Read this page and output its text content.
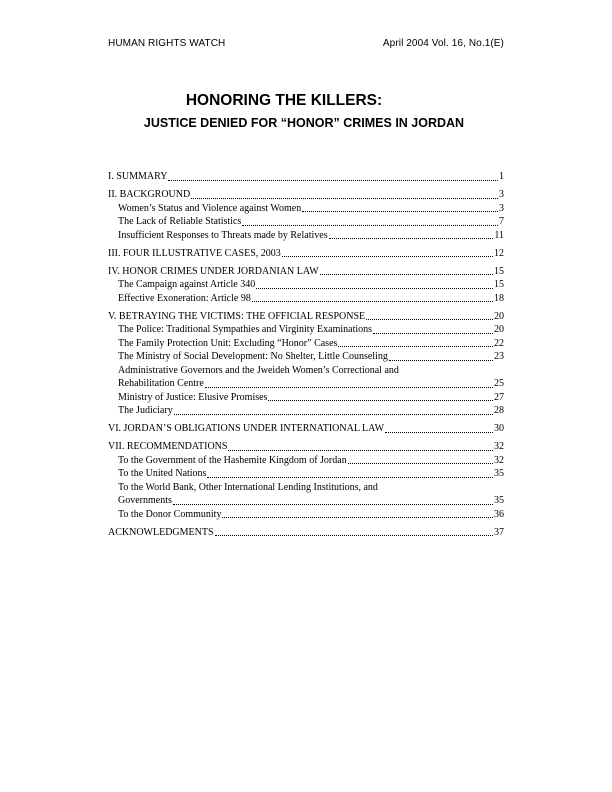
HUMAN RIGHTS WATCH	April 2004 Vol. 16, No.1(E)
HONORING THE KILLERS:
JUSTICE DENIED FOR “HONOR” CRIMES IN JORDAN
I. SUMMARY	1
II. BACKGROUND	3
Women’s Status and Violence against Women	3
The Lack of Reliable Statistics	7
Insufficient Responses to Threats made by Relatives	11
III. FOUR ILLUSTRATIVE CASES, 2003	12
IV. HONOR CRIMES UNDER JORDANIAN LAW	15
The Campaign against Article 340	15
Effective Exoneration: Article 98	18
V. BETRAYING THE VICTIMS: THE OFFICIAL RESPONSE	20
The Police: Traditional Sympathies and Virginity Examinations	20
The Family Protection Unit: Excluding “Honor” Cases	22
The Ministry of Social Development: No Shelter, Little Counseling	23
Administrative Governors and the Jweideh Women’s Correctional and
Rehabilitation Centre	25
Ministry of Justice: Elusive Promises	27
The Judiciary	28
VI. JORDAN’S OBLIGATIONS UNDER INTERNATIONAL LAW	30
VII. RECOMMENDATIONS	32
To the Government of the Hashemite Kingdom of Jordan	32
To the United Nations	35
To the World Bank, Other International Lending Institutions, and
Governments	35
To the Donor Community	36
ACKNOWLEDGMENTS	37
